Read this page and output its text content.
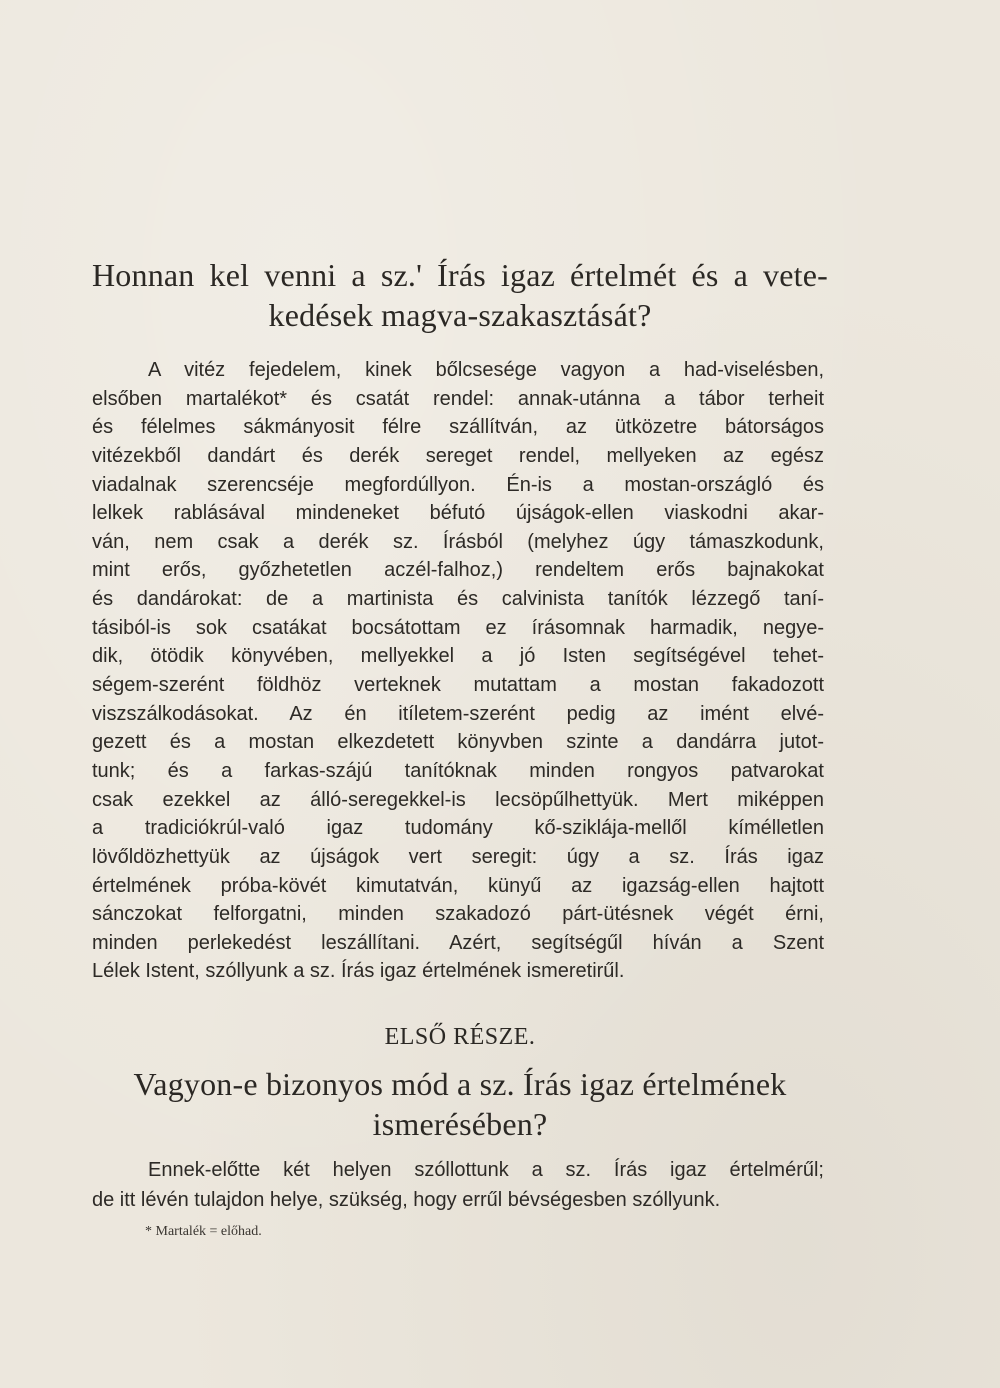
Honnan kel venni a sz.' Írás igaz értelmét és a vete-
kedések magva-szakasztását?
A vitéz fejedelem, kinek bőlcsesége vagyon a had-viselésben,
elsőben martalékot* és csatát rendel: annak-utánna a tábor terheit
és félelmes sákmányosit félre szállítván, az ütközetre bátorságos
vitézekből dandárt és derék sereget rendel, mellyeken az egész
viadalnak szerencséje megfordúllyon. Én-is a mostan-országló és
lelkek rablásával mindeneket béfutó újságok-ellen viaskodni akar-
ván, nem csak a derék sz. Írásból (melyhez úgy támaszkodunk,
mint erős, győzhetetlen aczél-falhoz,) rendeltem erős bajnakokat
és dandárokat: de a martinista és calvinista tanítók lézzegő taní-
tásiból-is sok csatákat bocsátottam ez írásomnak harmadik, negye-
dik, ötödik könyvében, mellyekkel a jó Isten segítségével tehet-
ségem-szerént földhöz verteknek mutattam a mostan fakadozott
viszszálkodásokat. Az én itíletem-szerént pedig az imént elvé-
gezett és a mostan elkezdetett könyvben szinte a dandárra jutot-
tunk; és a farkas-szájú tanítóknak minden rongyos patvarokat
csak ezekkel az álló-seregekkel-is lecsöpűlhettyük. Mert miképpen
a tradiciókrúl-való igaz tudomány kő-sziklája-mellől kímélletlen
lövőldözhettyük az újságok vert seregit: úgy a sz. Írás igaz
értelmének próba-kövét kimutatván, künyű az igazság-ellen hajtott
sánczokat felforgatni, minden szakadozó párt-ütésnek végét érni,
minden perlekedést leszállítani. Azért, segítségűl híván a Szent
Lélek Istent, szóllyunk a sz. Írás igaz értelmének ismeretirűl.
ELSŐ RÉSZE.
Vagyon-e bizonyos mód a sz. Írás igaz értelmének
ismerésében?
Ennek-előtte két helyen szóllottunk a sz. Írás igaz értelmérűl;
de itt lévén tulajdon helye, szükség, hogy errűl bévségesben szóllyunk.
* Martalék = előhad.
